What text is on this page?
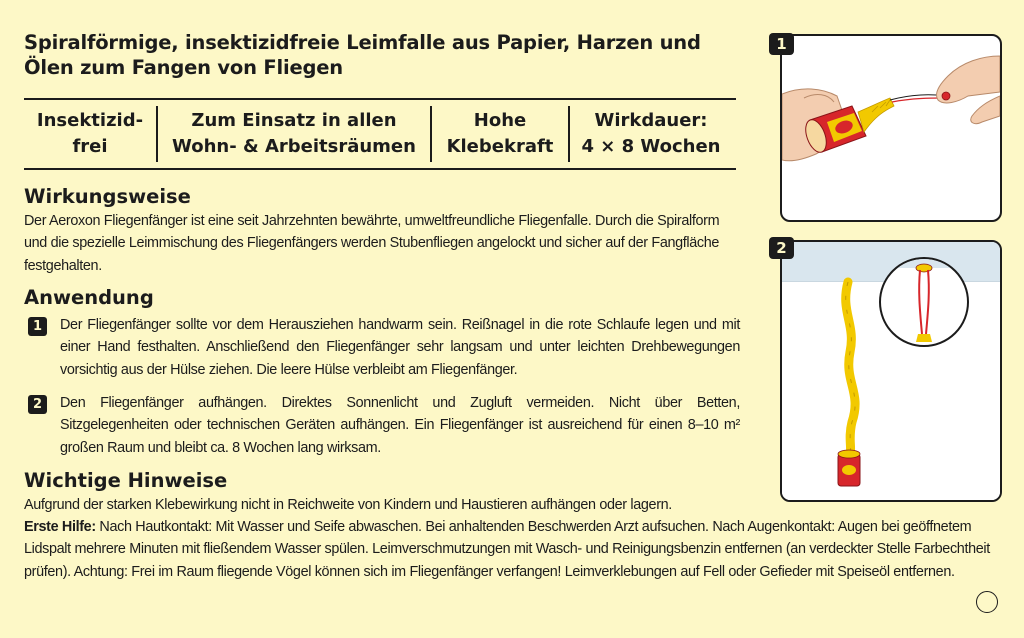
Spiralförmige, insektizidfreie Leimfalle aus Papier, Harzen und Ölen zum Fangen von Fliegen
Insektizid-
frei
Zum Einsatz in allen
Wohn- & Arbeitsräumen
Hohe
Klebekraft
Wirkdauer:
4 × 8 Wochen
Wirkungsweise
Der Aeroxon Fliegenfänger ist eine seit Jahrzehnten bewährte, umweltfreundliche Fliegenfalle. Durch die Spiralform und die spezielle Leimmischung des Fliegenfängers werden Stubenfliegen angelockt und sicher auf der Fangfläche festgehalten.
Anwendung
1	Der Fliegenfänger sollte vor dem Herausziehen handwarm sein. Reißnagel in die rote Schlaufe legen und mit einer Hand festhalten. Anschließend den Fliegenfänger sehr langsam und unter leichten Drehbewegungen vorsichtig aus der Hülse ziehen. Die leere Hülse verbleibt am Fliegenfänger.
2	Den Fliegenfänger aufhängen. Direktes Sonnenlicht und Zugluft vermeiden. Nicht über Betten, Sitzgelegenheiten oder technischen Geräten aufhängen. Ein Fliegenfänger ist ausreichend für einen 8–10 m² großen Raum und bleibt ca. 8 Wochen lang wirksam.
Wichtige Hinweise
Aufgrund der starken Klebewirkung nicht in Reichweite von Kindern und Haustieren aufhängen oder lagern.
Erste Hilfe: Nach Hautkontakt: Mit Wasser und Seife abwaschen. Bei anhaltenden Beschwerden Arzt aufsuchen. Nach Augenkontakt: Augen bei geöffnetem Lidspalt mehrere Minuten mit fließendem Wasser spülen. Leimverschmutzungen mit Wasch- und Reinigungsbenzin entfernen (an verdeckter Stelle Farbechtheit prüfen). Achtung: Frei im Raum fliegende Vögel können sich im Fliegenfänger verfangen! Leimverklebungen auf Fell oder Gefieder mit Speiseöl entfernen.
1
2
